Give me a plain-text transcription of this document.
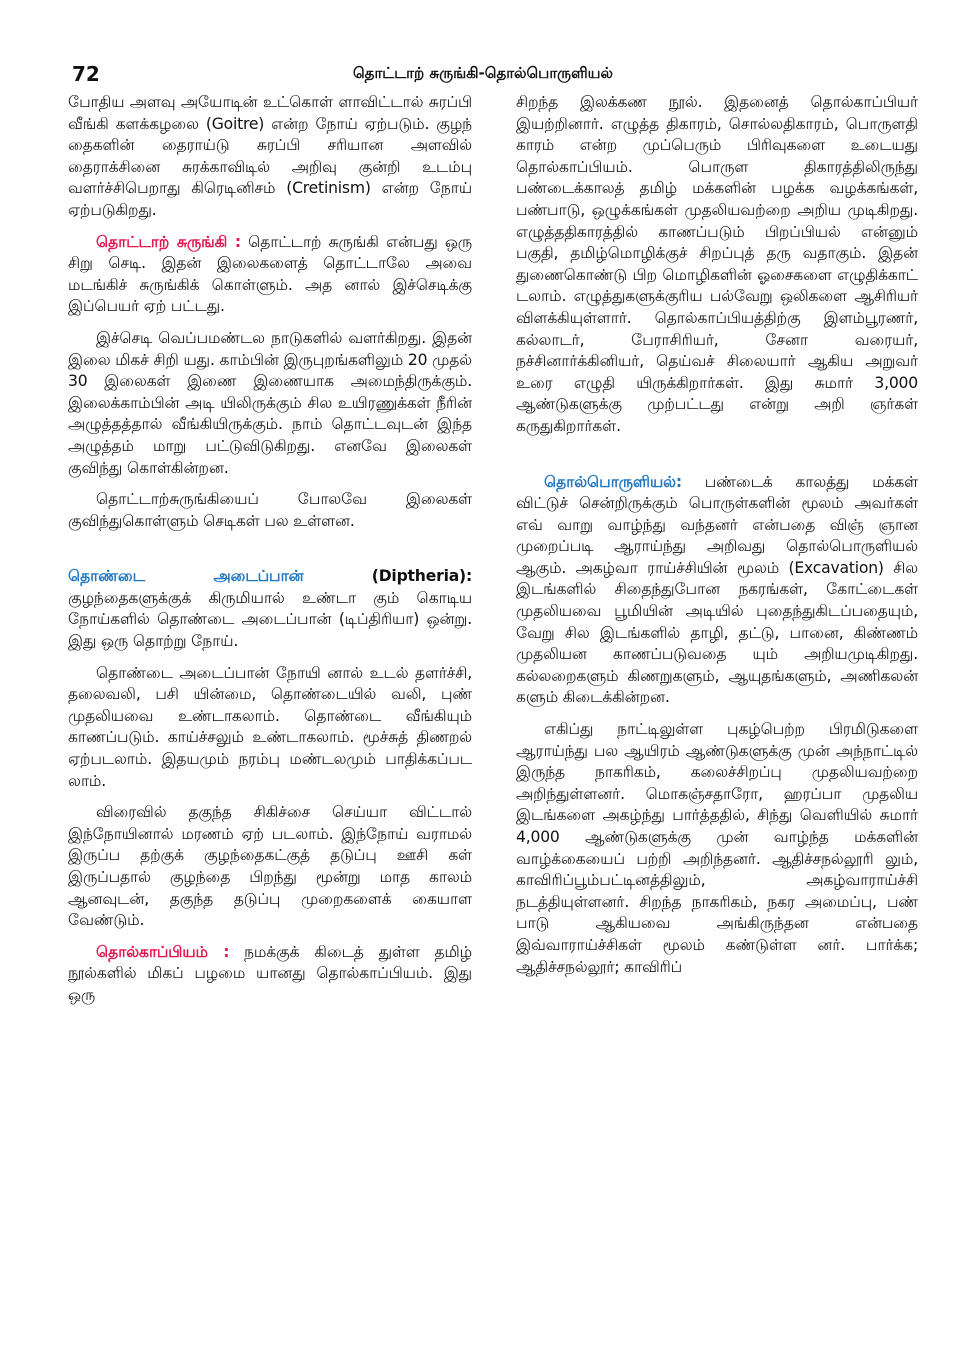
72	தொட்டாற் சுருங்கி-தொல்பொருளியல்

போதிய அளவு அயோடின் உட்கொள் ளாவிட்டால் சுரப்பி வீங்கி களக்கழலை (Goitre) என்ற நோய் ஏற்படும். குழந் தைகளின் தைராய்டு சுரப்பி சரியான அளவில் தைராக்சினை சுரக்காவிடில் அறிவு குன்றி உடம்பு வளர்ச்சிபெறாது கிரெடினிசம் (Cretinism) என்ற நோய் ஏற்படுகிறது.

தொட்டாற் சுருங்கி : தொட்டாற் சுருங்கி என்பது ஒரு சிறு செடி. இதன் இலைகளைத் தொட்டாலே அவை மடங்கிச் சுருங்கிக் கொள்ளும். அத னால் இச்செடிக்கு இப்பெயர் ஏற் பட்டது.

இச்செடி வெப்பமண்டல நாடுகளில் வளர்கிறது. இதன் இலை மிகச் சிறி யது. காம்பின் இருபுறங்களிலும் 20 முதல் 30 இலைகள் இணை இணையாக அமைந்திருக்கும். இலைக்காம்பின் அடி யிலிருக்கும் சில உயிரணுக்கள் நீரின் அழுத்தத்தால் வீங்கியிருக்கும். நாம் தொட்டவுடன் இந்த அழுத்தம் மாறு பட்டுவிடுகிறது. எனவே இலைகள் குவிந்து கொள்கின்றன.

தொட்டாற்சுருங்கியைப் போலவே இலைகள் குவிந்துகொள்ளும் செடிகள் பல உள்ளன.

தொண்டை அடைப்பான்	(Diptheria): குழந்தைகளுக்குக் கிருமியால் உண்டா கும் கொடிய நோய்களில் தொண்டை அடைப்பான் (டிப்திரியா) ஒன்று. இது ஒரு தொற்று நோய்.

தொண்டை அடைப்பான் நோயி னால் உடல் தளர்ச்சி, தலைவலி, பசி யின்மை, தொண்டையில் வலி, புண் முதலியவை உண்டாகலாம். தொண்டை வீங்கியும் காணப்படும். காய்ச்சலும் உண்டாகலாம். மூச்சுத் திணறல் ஏற்படலாம். இதயமும் நரம்பு மண்டலமும் பாதிக்கப்பட லாம்.

விரைவில் தகுந்த சிகிச்சை செய்யா விட்டால் இந்நோயினால் மரணம் ஏற் படலாம். இந்நோய் வராமல் இருப்ப தற்குக் குழந்தைகட்குத் தடுப்பு ஊசி கள் இருப்பதால் குழந்தை பிறந்து மூன்று மாத காலம் ஆனவுடன், தகுந்த தடுப்பு முறைகளைக் கையாள வேண்டும்.

தொல்காப்பியம் : நமக்குக் கிடைத் துள்ள தமிழ் நூல்களில் மிகப் பழமை யானது தொல்காப்பியம். இது ஒரு

சிறந்த இலக்கண நூல். இதனைத் தொல்காப்பியர் இயற்றினார். எழுத்த திகாரம், சொல்லதிகாரம், பொருளதி காரம் என்ற முப்பெரும் பிரிவுகளை உடையது தொல்காப்பியம். பொருள திகாரத்திலிருந்து பண்டைக்காலத் தமிழ் மக்களின் பழக்க வழக்கங்கள், பண்பாடு, ஒழுக்கங்கள் முதலியவற்றை அறிய முடிகிறது. எழுத்ததிகாரத்தில் காணப்படும் பிறப்பியல் என்னும் பகுதி, தமிழ்மொழிக்குச் சிறப்புத் தரு வதாகும். இதன் துணைகொண்டு பிற மொழிகளின் ஓசைகளை எழுதிக்காட் டலாம். எழுத்துகளுக்குரிய பல்வேறு ஒலிகளை ஆசிரியர் விளக்கியுள்ளார். தொல்காப்பியத்திற்கு இளம்பூரணர், கல்லாடர், பேராசிரியர், சேனா வரையர், நச்சினார்க்கினியர், தெய்வச் சிலையார் ஆகிய அறுவர் உரை எழுதி யிருக்கிறார்கள். இது சுமார் 3,000 ஆண்டுகளுக்கு முற்பட்டது என்று அறி ஞர்கள் கருதுகிறார்கள்.

தொல்பொருளியல்: பண்டைக் காலத்து மக்கள் விட்டுச் சென்றிருக்கும் பொருள்களின் மூலம் அவர்கள் எவ் வாறு வாழ்ந்து வந்தனர் என்பதை விஞ் ஞான முறைப்படி ஆராய்ந்து அறிவது தொல்பொருளியல் ஆகும். அகழ்வா ராய்ச்சியின் மூலம் (Excavation) சில இடங்களில் சிதைந்துபோன நகரங்கள், கோட்டைகள் முதலியவை பூமியின் அடியில் புதைந்துகிடப்பதையும், வேறு சில இடங்களில் தாழி, தட்டு, பானை, கிண்ணம் முதலியன காணப்படுவதை யும் அறியமுடிகிறது. கல்லறைகளும் கிணறுகளும், ஆயுதங்களும், அணிகலன் களும் கிடைக்கின்றன.

எகிப்து நாட்டிலுள்ள புகழ்பெற்ற பிரமிடுகளை ஆராய்ந்து பல ஆயிரம் ஆண்டுகளுக்கு முன் அந்நாட்டில் இருந்த நாகரிகம், கலைச்சிறப்பு முதலியவற்றை அறிந்துள்ளனர். மொகஞ்சதாரோ, ஹரப்பா முதலிய இடங்களை அகழ்ந்து பார்த்ததில், சிந்து வெளியில் சுமார் 4,000 ஆண்டுகளுக்கு முன் வாழ்ந்த மக்களின் வாழ்க்கையைப் பற்றி அறிந்தனர். ஆதிச்சநல்லூரி லும், காவிரிப்பூம்பட்டினத்திலும், அகழ்வாராய்ச்சி நடத்தியுள்ளனர். சிறந்த நாகரிகம், நகர அமைப்பு, பண் பாடு ஆகியவை அங்கிருந்தன என்பதை இவ்வாராய்ச்சிகள் மூலம் கண்டுள்ள னர். பார்க்க; ஆதிச்சநல்லூர்; காவிரிப்
